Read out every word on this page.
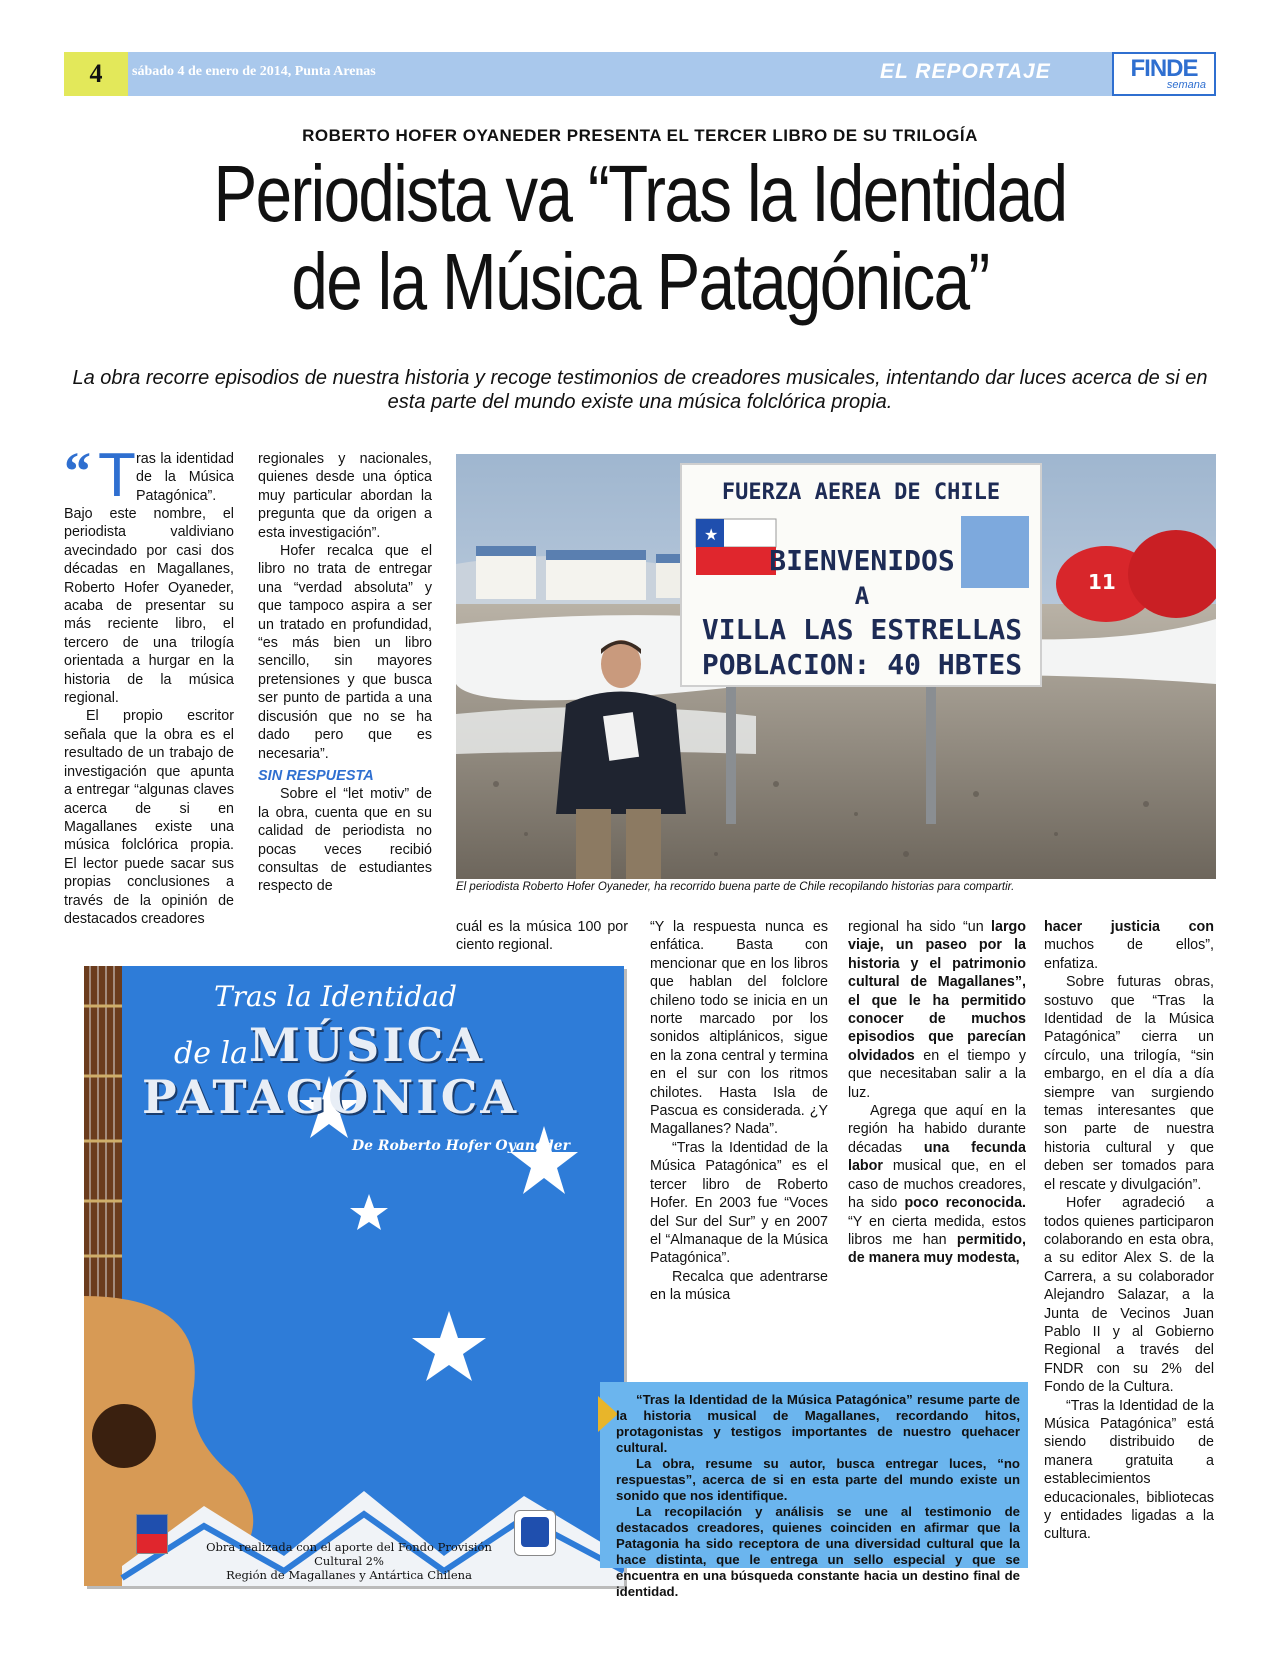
4	sábado 4 de enero de 2014, Punta Arenas	EL REPORTAJE	FINDE
semana
ROBERTO HOFER OYANEDER PRESENTA EL TERCER LIBRO DE SU TRILOGÍA
Periodista va “Tras la Identidad
de la Música Patagónica”
La obra recorre episodios de nuestra historia y recoge testimonios de creadores musicales, intentando dar luces acerca de si en esta parte del mundo existe una música folclórica propia.
“ T ras la identidad de la Música Patagónica”.

Bajo este nombre, el periodista valdiviano avecindado por casi dos décadas en Magallanes, Roberto Hofer Oyaneder, acaba de presentar su más reciente libro, el tercero de una trilogía orientada a hurgar en la historia de la música regional.

El propio escritor señala que la obra es el resultado de un trabajo de investigación que apunta a entregar “algunas claves acerca de si en Magallanes existe una música folclórica propia. El lector puede sacar sus propias conclusiones a través de la opinión de destacados creadores

regionales y nacionales, quienes desde una óptica muy particular abordan la pregunta que da origen a esta investigación”.

Hofer recalca que el libro no trata de entregar una “verdad absoluta” y que tampoco aspira a ser un tratado en profundidad, “es más bien un libro sencillo, sin mayores pretensiones y que busca ser punto de partida a una discusión que no se ha dado pero que es necesaria”.

SIN RESPUESTA

Sobre el “let motiv” de la obra, cuenta que en su calidad de periodista no pocas veces recibió consultas de estudiantes respecto de

11
FUERZA AEREA DE CHILE
★
BIENVENIDOS
A
VILLA LAS ESTRELLAS
POBLACION: 40 HBTES
El periodista Roberto Hofer Oyaneder, ha recorrido buena parte de Chile recopilando historias para compartir.

cuál es la música 100 por ciento regional.

“Y la respuesta nunca es enfática. Basta con mencionar que en los libros que hablan del folclore chileno todo se inicia en un norte marcado por los sonidos altiplánicos, sigue en la zona central y termina en el sur con los ritmos chilotes. Hasta Isla de Pascua es considerada. ¿Y Magallanes? Nada”.

“Tras la Identidad de la Música Patagónica” es el tercer libro de Roberto Hofer. En 2003 fue “Voces del Sur del Sur” y en 2007 el “Almanaque de la Música Patagónica”.

Recalca que adentrarse en la música

regional ha sido “un largo viaje, un paseo por la historia y el patrimonio cultural de Magallanes”, el que le ha permitido conocer de muchos episodios que parecían olvidados en el tiempo y que necesitaban salir a la luz.

Agrega que aquí en la región ha habido durante décadas una fecunda labor musical que, en el caso de muchos creadores, ha sido poco reconocida. “Y en cierta medida, estos libros me han permitido, de manera muy modesta,

hacer justicia con muchos de ellos”, enfatiza.

Sobre futuras obras, sostuvo que “Tras la Identidad de la Música Patagónica” cierra un círculo, una trilogía, “sin embargo, en el día a día siempre van surgiendo temas interesantes que son parte de nuestra historia cultural y que deben ser tomados para el rescate y divulgación”.

Hofer agradeció a todos quienes participaron colaborando en esta obra, a su editor Alex S. de la Carrera, a su colaborador Alejandro Salazar, a la Junta de Vecinos Juan Pablo II y al Gobierno Regional a través del FNDR con su 2% del Fondo de la Cultura.

“Tras la Identidad de la Música Patagónica” está siendo distribuido de manera gratuita a establecimientos educacionales, bibliotecas y entidades ligadas a la cultura.

Tras la Identidad
de la MÚSICA
PATAGÓNICA
De Roberto Hofer Oyaneder
Obra realizada con el aporte del Fondo Provisión Cultural 2%
Región de Magallanes y Antártica Chilena

“Tras la Identidad de la Música Patagónica” resume parte de la historia musical de Magallanes, recordando hitos, protagonistas y testigos importantes de nuestro quehacer cultural.

La obra, resume su autor, busca entregar luces, “no respuestas”, acerca de si en esta parte del mundo existe un sonido que nos identifique.

La recopilación y análisis se une al testimonio de destacados creadores, quienes coinciden en afirmar que la Patagonia ha sido receptora de una diversidad cultural que la hace distinta, que le entrega un sello especial y que se encuentra en una búsqueda constante hacia un destino final de identidad.
